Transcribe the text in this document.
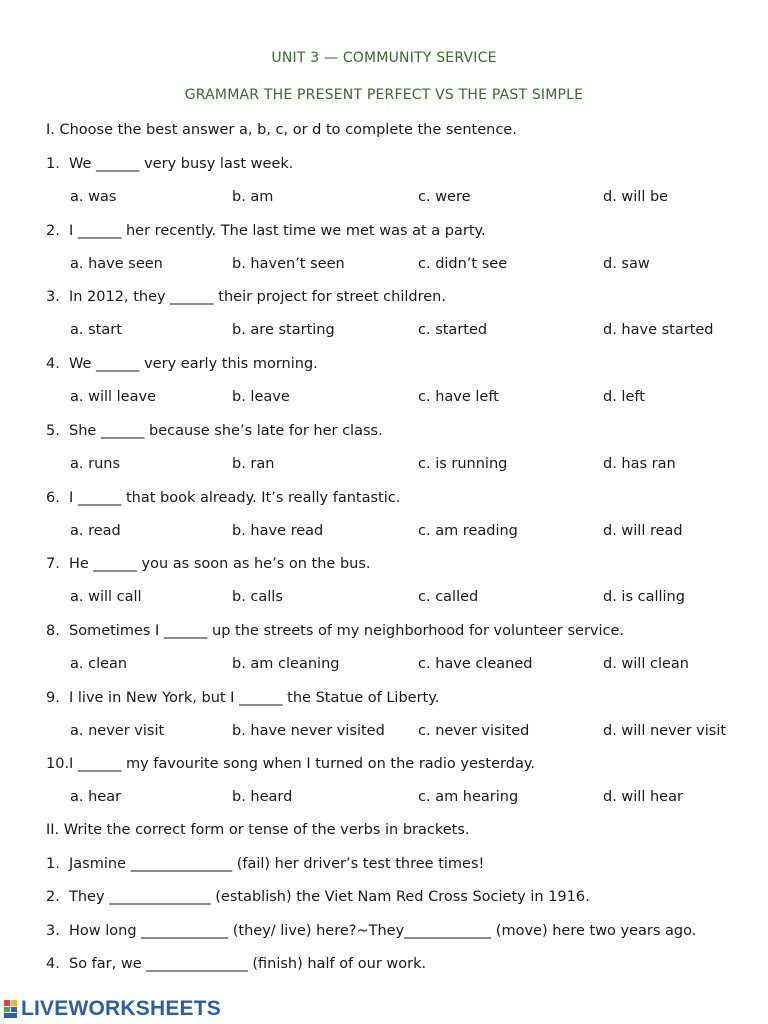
UNIT 3 — COMMUNITY SERVICE
GRAMMAR THE PRESENT PERFECT VS THE PAST SIMPLE
I. Choose the best answer a, b, c, or d to complete the sentence.
1. We ______ very busy last week.
a. was	b. am	c. were	d. will be
2. I ______ her recently. The last time we met was at a party.
a. have seen	b. haven’t seen	c. didn’t see	d. saw
3. In 2012, they ______ their project for street children.
a. start	b. are starting	c. started	d. have started
4. We ______ very early this morning.
a. will leave	b. leave	c. have left	d. left
5. She ______ because she’s late for her class.
a. runs	b. ran	c. is running	d. has ran
6. I ______ that book already. It’s really fantastic.
a. read	b. have read	c. am reading	d. will read
7. He ______ you as soon as he’s on the bus.
a. will call	b. calls	c. called	d. is calling
8. Sometimes I ______ up the streets of my neighborhood for volunteer service.
a. clean	b. am cleaning	c. have cleaned	d. will clean
9. I live in New York, but I ______ the Statue of Liberty.
a. never visit	b. have never visited c. never visited	d. will never visit
10.I ______ my favourite song when I turned on the radio yesterday.
a. hear	b. heard	c. am hearing	d. will hear
II. Write the correct form or tense of the verbs in brackets.
1. Jasmine ______________ (fail) her driver’s test three times!
2. They ______________ (establish) the Viet Nam Red Cross Society in 1916.
3. How long ____________ (they/ live) here?~They____________ (move) here two years ago.
4. So far, we ______________ (finish) half of our work.
LIVEWORKSHEETS
